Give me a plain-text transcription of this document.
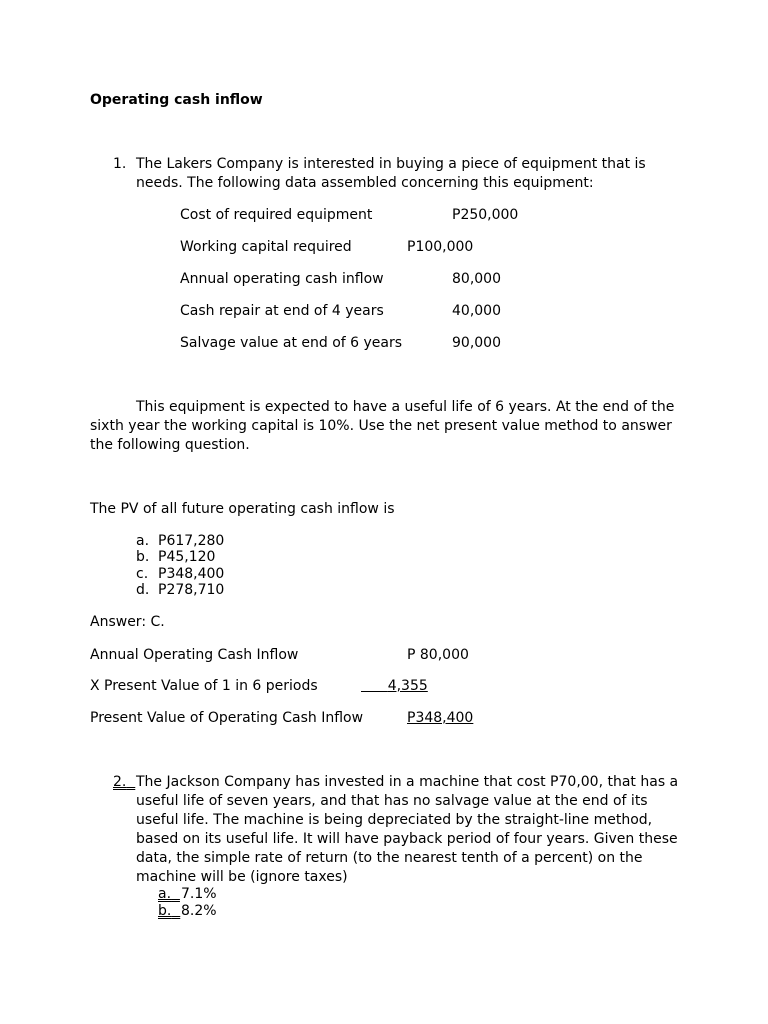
Operating cash inflow
1. The Lakers Company is interested in buying a piece of equipment that is
needs. The following data assembled concerning this equipment:
Cost of required equipment	P250,000
Working capital required	P100,000
Annual operating cash inflow	80,000
Cash repair at end of 4 years	40,000
Salvage value at end of 6 years	90,000
This equipment is expected to have a useful life of 6 years. At the end of the
sixth year the working capital is 10%. Use the net present value method to answer
the following question.
The PV of all future operating cash inflow is
a. P617,280
b. P45,120
c. P348,400
d. P278,710
Answer: C.
Annual Operating Cash Inflow	P 80,000
X Present Value of 1 in 6 periods	4,355
Present Value of Operating Cash Inflow	P348,400
2. The Jackson Company has invested in a machine that cost P70,00, that has a
useful life of seven years, and that has no salvage value at the end of its
useful life. The machine is being depreciated by the straight-line method,
based on its useful life. It will have payback period of four years. Given these
data, the simple rate of return (to the nearest tenth of a percent) on the
machine will be (ignore taxes)
a. 7.1%
b. 8.2%
